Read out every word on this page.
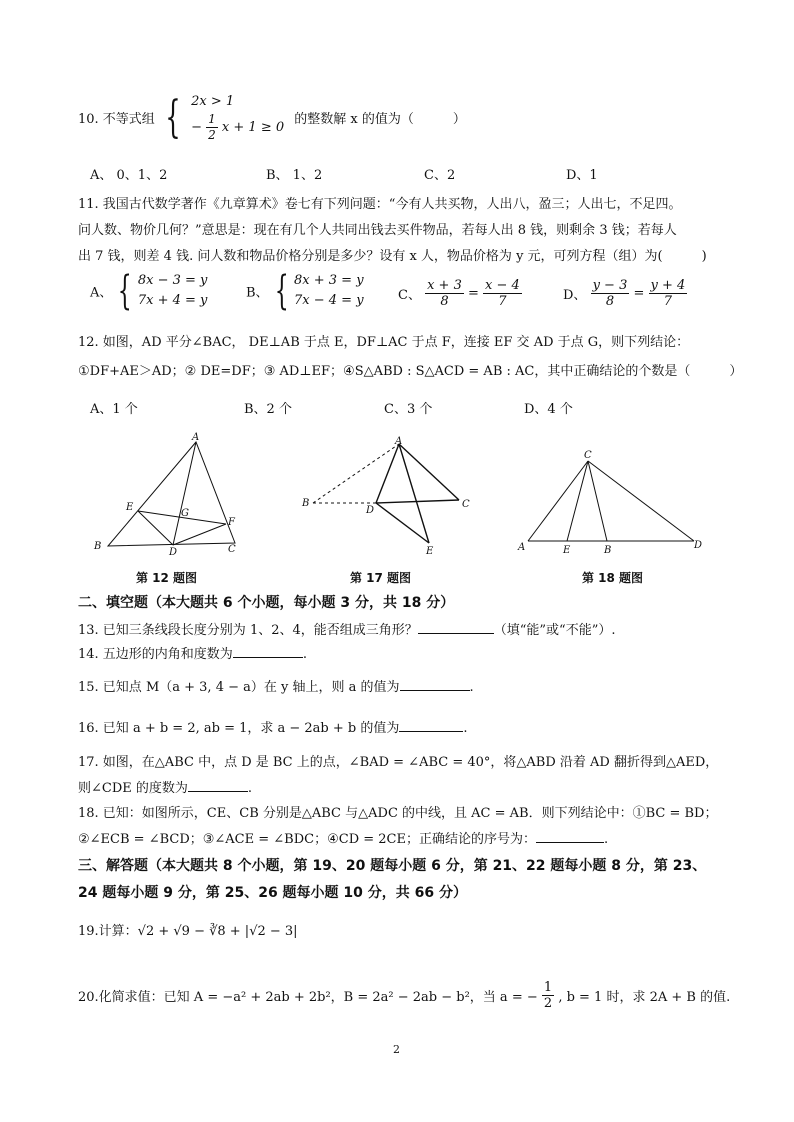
10. 不等式组 { 2x > 1
− $\frac{1}{2}$ x + 1 ≥ 0
的整数解 x 的值为（　　　）
A、 0、1、2	B、 1、2	C、2	D、1
11. 我国古代数学著作《九章算术》卷七有下列问题：“今有人共买物，人出八，盈三；人出七，不足四。
问人数、物价几何？”意思是：现在有几个人共同出钱去买件物品，若每人出 8 钱，则剩余 3 钱；若每人
出 7 钱，则差 4 钱. 问人数和物品价格分别是多少？设有 x 人，物品价格为 y 元，可列方程（组）为(　　　)
A、 { 8x − 3 = y
7x + 4 = y	B、 { 8x + 3 = y
7x − 4 = y	C、 $\frac{x + 3}{8} = \frac{x - 4}{7}$	D、 $\frac{y - 3}{8} = \frac{y + 4}{7}$
12. 如图，AD 平分∠BAC， DE⊥AB 于点 E，DF⊥AC 于点 F，连接 EF 交 AD 于点 G，则下列结论：
①DF+AE＞AD；② DE=DF；③ AD⊥EF；④S△ABD : S△ACD = AB : AC，其中正确结论的个数是（　　　）
A、1 个	B、2 个	C、3 个	D、4 个
A
B	C
D
E
F
G
第 12 题图
A
B	C
D
E
第 17 题图
A	B
C
D
E
第 18 题图
二、填空题（本大题共 6 个小题，每小题 3 分，共 18 分）
13. 已知三条线段长度分别为 1、2、4，能否组成三角形？	（填“能”或“不能”）.
14. 五边形的内角和度数为	.
15. 已知点 M（a + 3, 4 − a）在 y 轴上，则 a 的值为	.
16. 已知 a + b = 2, ab = 1，求 a − 2ab + b 的值为	.
17. 如图，在△ABC 中，点 D 是 BC 上的点，∠BAD = ∠ABC = 40°，将△ABD 沿着 AD 翻折得到△AED，
则∠CDE 的度数为	.
18. 已知：如图所示，CE、CB 分别是△ABC 与△ADC 的中线，且 AC = AB．则下列结论中：①BC = BD；
②∠ECB = ∠BCD；③∠ACE = ∠BDC；④CD = 2CE；正确结论的序号为：	.
三、解答题（本大题共 8 个小题，第 19、20 题每小题 6 分，第 21、22 题每小题 8 分，第 23、
24 题每小题 9 分，第 25、26 题每小题 10 分，共 66 分）
19.计算：√2 + √9 − ∛8 + |√2 − 3|
20.化简求值：已知 A = −a² + 2ab + 2b²，B = 2a² − 2ab − b²，当 a = − $\frac{1}{2}$ , b = 1 时，求 2A + B 的值.
2
